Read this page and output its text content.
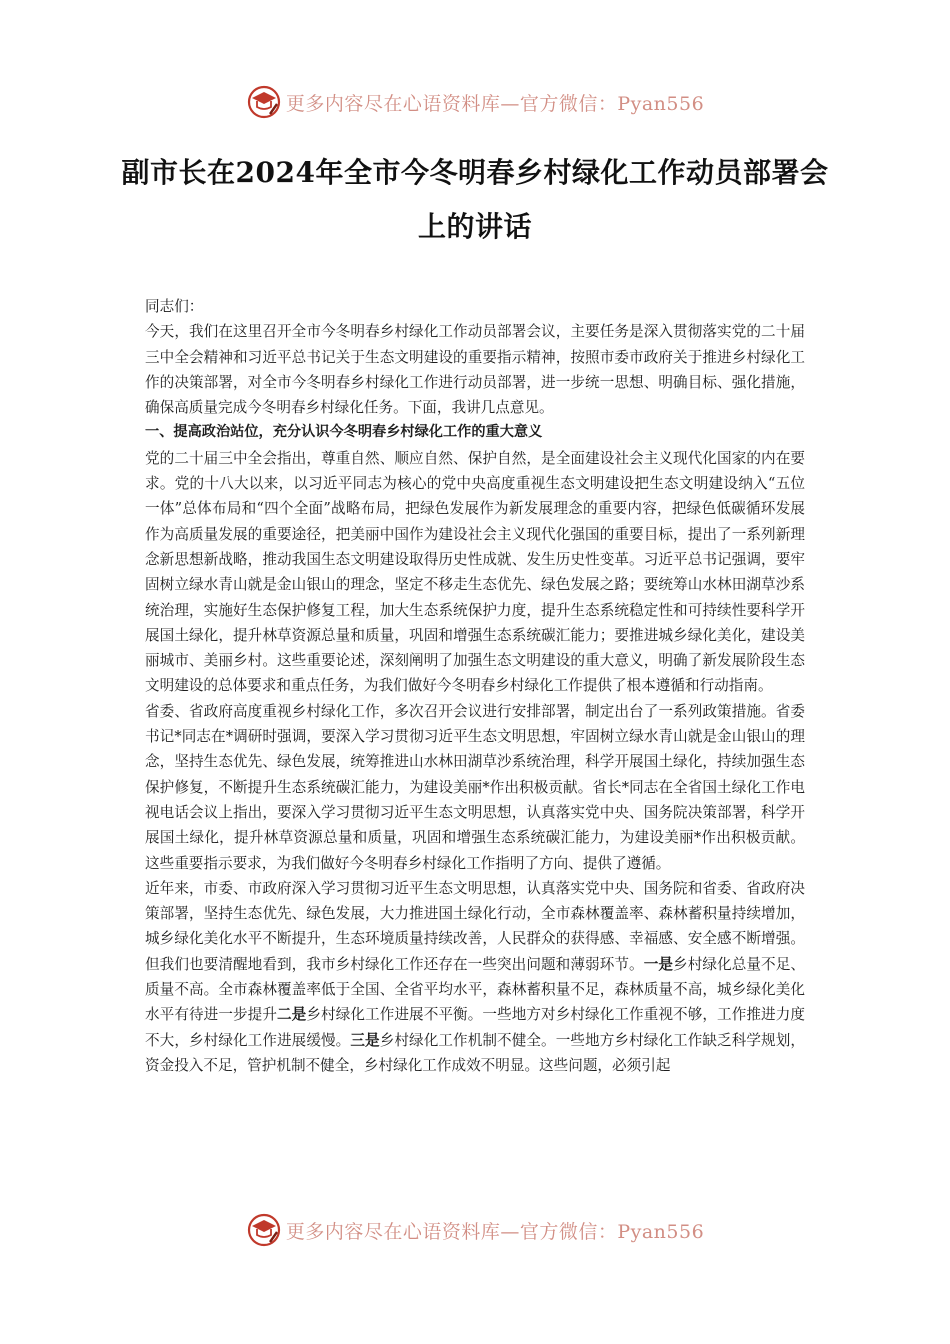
更多内容尽在心语资料库—官方微信：Pyan556
副市长在2024年全市今冬明春乡村绿化工作动员部署会上的讲话

同志们：

今天，我们在这里召开全市今冬明春乡村绿化工作动员部署会议，主要任务是深入贯彻落实党的二十届三中全会精神和习近平总书记关于生态文明建设的重要指示精神，按照市委市政府关于推进乡村绿化工作的决策部署，对全市今冬明春乡村绿化工作进行动员部署，进一步统一思想、明确目标、强化措施，确保高质量完成今冬明春乡村绿化任务。下面，我讲几点意见。

一、提高政治站位，充分认识今冬明春乡村绿化工作的重大意义

党的二十届三中全会指出，尊重自然、顺应自然、保护自然，是全面建设社会主义现代化国家的内在要求。党的十八大以来，以习近平同志为核心的党中央高度重视生态文明建设把生态文明建设纳入“五位一体”总体布局和“四个全面”战略布局，把绿色发展作为新发展理念的重要内容，把绿色低碳循环发展作为高质量发展的重要途径，把美丽中国作为建设社会主义现代化强国的重要目标，提出了一系列新理念新思想新战略，推动我国生态文明建设取得历史性成就、发生历史性变革。习近平总书记强调，要牢固树立绿水青山就是金山银山的理念，坚定不移走生态优先、绿色发展之路；要统筹山水林田湖草沙系统治理，实施好生态保护修复工程，加大生态系统保护力度，提升生态系统稳定性和可持续性要科学开展国土绿化，提升林草资源总量和质量，巩固和增强生态系统碳汇能力；要推进城乡绿化美化，建设美丽城市、美丽乡村。这些重要论述，深刻阐明了加强生态文明建设的重大意义，明确了新发展阶段生态文明建设的总体要求和重点任务，为我们做好今冬明春乡村绿化工作提供了根本遵循和行动指南。

省委、省政府高度重视乡村绿化工作，多次召开会议进行安排部署，制定出台了一系列政策措施。省委书记*同志在*调研时强调，要深入学习贯彻习近平生态文明思想，牢固树立绿水青山就是金山银山的理念，坚持生态优先、绿色发展，统筹推进山水林田湖草沙系统治理，科学开展国土绿化，持续加强生态保护修复，不断提升生态系统碳汇能力，为建设美丽*作出积极贡献。省长*同志在全省国土绿化工作电视电话会议上指出，要深入学习贯彻习近平生态文明思想，认真落实党中央、国务院决策部署，科学开展国土绿化，提升林草资源总量和质量，巩固和增强生态系统碳汇能力，为建设美丽*作出积极贡献。这些重要指示要求，为我们做好今冬明春乡村绿化工作指明了方向、提供了遵循。

近年来，市委、市政府深入学习贯彻习近平生态文明思想，认真落实党中央、国务院和省委、省政府决策部署，坚持生态优先、绿色发展，大力推进国土绿化行动，全市森林覆盖率、森林蓄积量持续增加，城乡绿化美化水平不断提升，生态环境质量持续改善，人民群众的获得感、幸福感、安全感不断增强。但我们也要清醒地看到，我市乡村绿化工作还存在一些突出问题和薄弱环节。一是乡村绿化总量不足、质量不高。全市森林覆盖率低于全国、全省平均水平，森林蓄积量不足，森林质量不高，城乡绿化美化水平有待进一步提升二是乡村绿化工作进展不平衡。一些地方对乡村绿化工作重视不够，工作推进力度不大，乡村绿化工作进展缓慢。三是乡村绿化工作机制不健全。一些地方乡村绿化工作缺乏科学规划，资金投入不足，管护机制不健全，乡村绿化工作成效不明显。这些问题，必须引起

更多内容尽在心语资料库—官方微信：Pyan556
